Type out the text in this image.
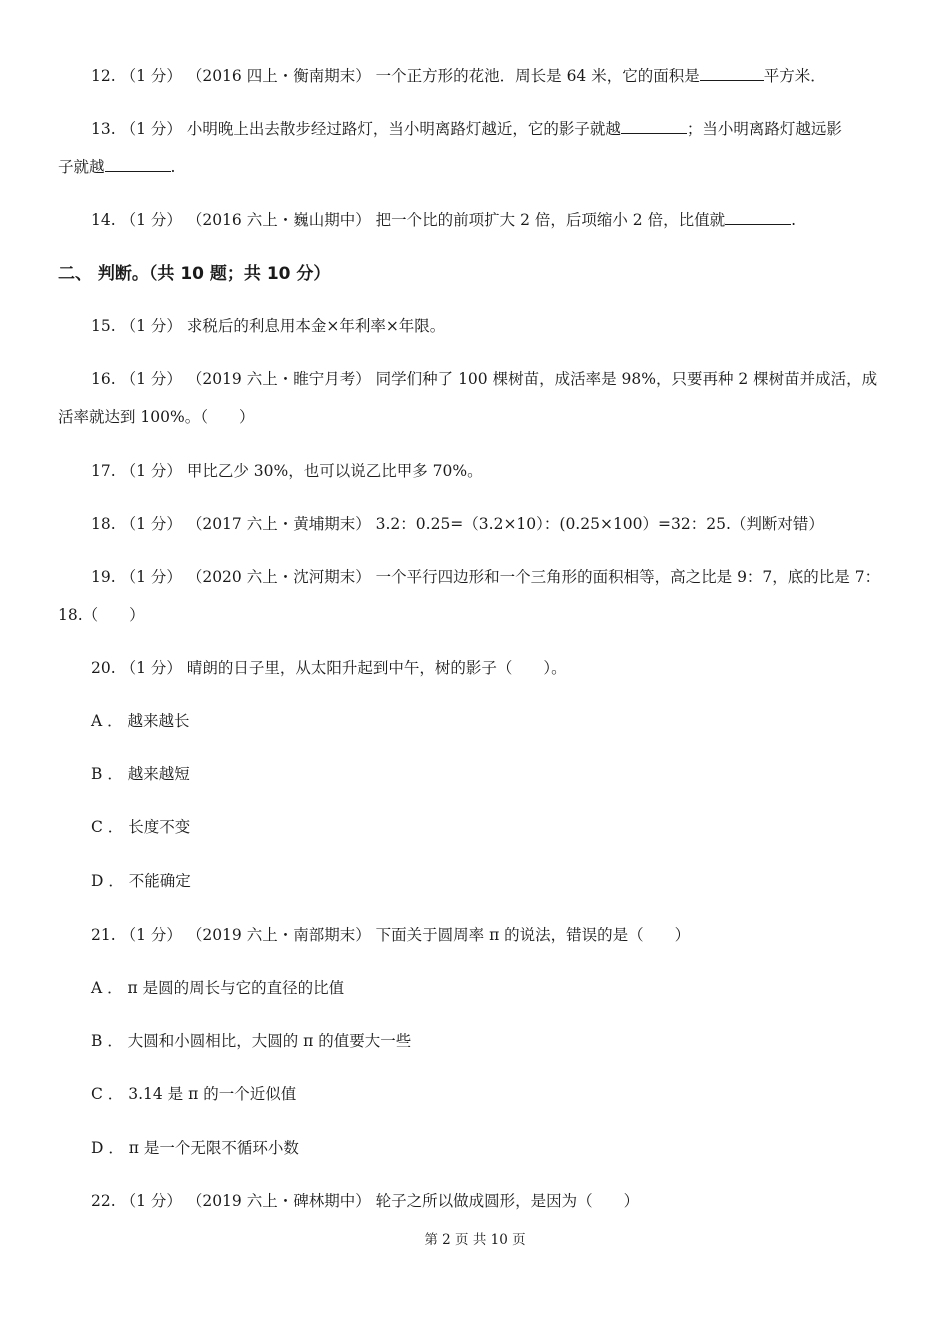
12. （1 分） （2016 四上・衡南期末） 一个正方形的花池．周长是 64 米，它的面积是	平方米．
13. （1 分） 小明晚上出去散步经过路灯，当小明离路灯越近，它的影子就越	；当小明离路灯越远影
子就越	.
14. （1 分） （2016 六上・巍山期中） 把一个比的前项扩大 2 倍，后项缩小 2 倍，比值就	.
二、 判断。（共 10 题；共 10 分）
15. （1 分） 求税后的利息用本金×年利率×年限。
16. （1 分） （2019 六上・睢宁月考） 同学们种了 100 棵树苗，成活率是 98%，只要再种 2 棵树苗并成活，成
活率就达到 100%。（　　）
17. （1 分） 甲比乙少 30%，也可以说乙比甲多 70%。
18. （1 分） （2017 六上・黄埔期末） 3.2：0.25=（3.2×10）：(0.25×100）=32：25.（判断对错）
19. （1 分） （2020 六上・沈河期末） 一个平行四边形和一个三角形的面积相等，高之比是 9：7，底的比是 7：
18.（　　）
20. （1 分） 晴朗的日子里，从太阳升起到中午，树的影子（　　）。
A ． 越来越长
B ． 越来越短
C ． 长度不变
D ． 不能确定
21. （1 分） （2019 六上・南部期末） 下面关于圆周率 π 的说法，错误的是（　　）
A ． π 是圆的周长与它的直径的比值
B ． 大圆和小圆相比，大圆的 π 的值要大一些
C ． 3.14 是 π 的一个近似值
D ． π 是一个无限不循环小数
22. （1 分） （2019 六上・碑林期中） 轮子之所以做成圆形，是因为（　　）
第 2 页 共 10 页
